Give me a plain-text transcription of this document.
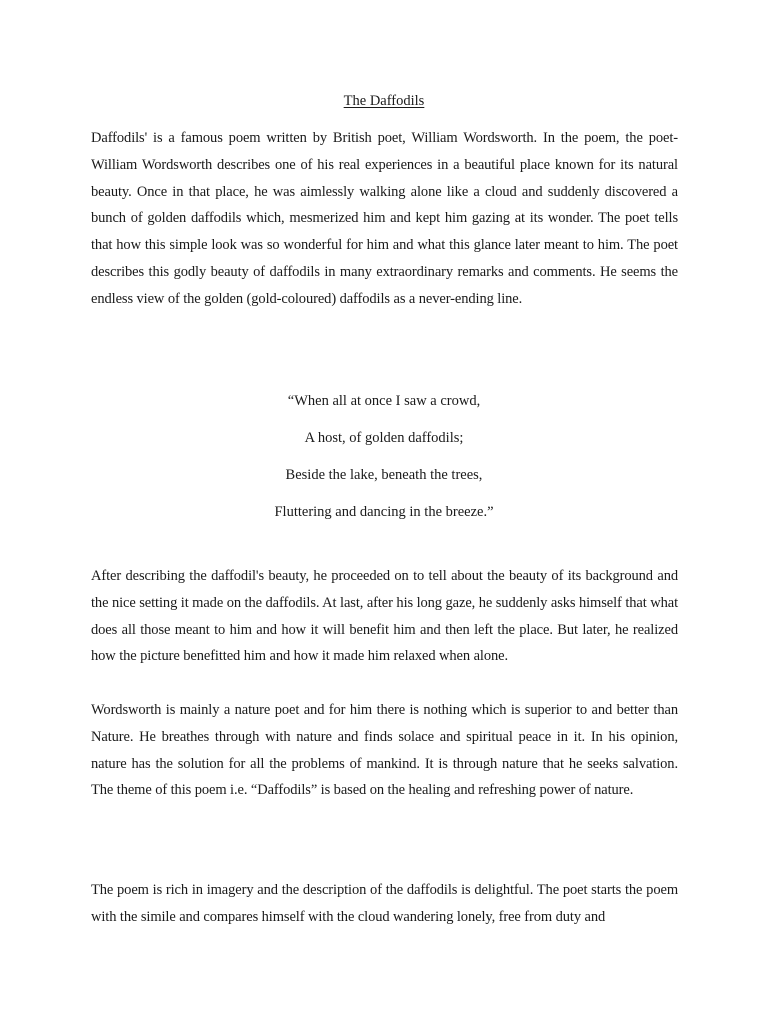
The Daffodils

Daffodils' is a famous poem written by British poet, William Wordsworth. In the poem, the poet- William Wordsworth describes one of his real experiences in a beautiful place known for its natural beauty. Once in that place, he was aimlessly walking alone like a cloud and suddenly discovered a bunch of golden daffodils which, mesmerized him and kept him gazing at its wonder. The poet tells that how this simple look was so wonderful for him and what this glance later meant to him. The poet describes this godly beauty of daffodils in many extraordinary remarks and comments. He seems the endless view of the golden (gold-coloured) daffodils as a never-ending line.

“When all at once I saw a crowd,

A host, of golden daffodils;

Beside the lake, beneath the trees,

Fluttering and dancing in the breeze.”

After describing the daffodil's beauty, he proceeded on to tell about the beauty of its background and the nice setting it made on the daffodils. At last, after his long gaze, he suddenly asks himself that what does all those meant to him and how it will benefit him and then left the place. But later, he realized how the picture benefitted him and how it made him relaxed when alone.

Wordsworth is mainly a nature poet and for him there is nothing which is superior to and better than Nature. He breathes through with nature and finds solace and spiritual peace in it. In his opinion, nature has the solution for all the problems of mankind. It is through nature that he seeks salvation. The theme of this poem i.e. “Daffodils” is based on the healing and refreshing power of nature.

The poem is rich in imagery and the description of the daffodils is delightful. The poet starts the poem with the simile and compares himself with the cloud wandering lonely, free from duty and
